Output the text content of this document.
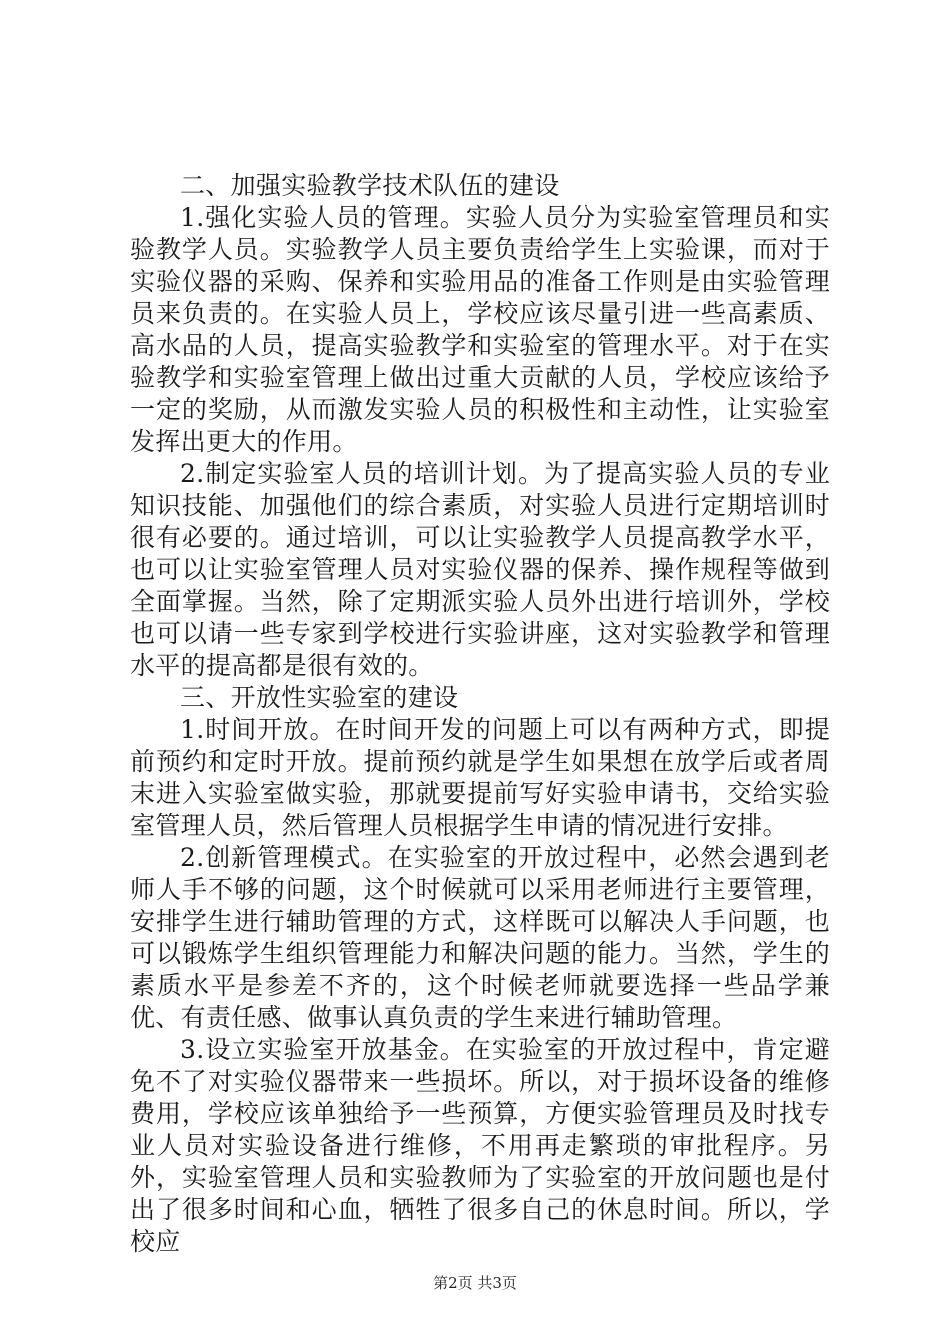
二、加强实验教学技术队伍的建设

1.强化实验人员的管理。实验人员分为实验室管理员和实验教学人员。实验教学人员主要负责给学生上实验课，而对于实验仪器的采购、保养和实验用品的准备工作则是由实验管理员来负责的。在实验人员上，学校应该尽量引进一些高素质、高水品的人员，提高实验教学和实验室的管理水平。对于在实验教学和实验室管理上做出过重大贡献的人员，学校应该给予一定的奖励，从而激发实验人员的积极性和主动性，让实验室发挥出更大的作用。

2.制定实验室人员的培训计划。为了提高实验人员的专业知识技能、加强他们的综合素质，对实验人员进行定期培训时很有必要的。通过培训，可以让实验教学人员提高教学水平，也可以让实验室管理人员对实验仪器的保养、操作规程等做到全面掌握。当然，除了定期派实验人员外出进行培训外，学校也可以请一些专家到学校进行实验讲座，这对实验教学和管理水平的提高都是很有效的。

三、开放性实验室的建设

1.时间开放。在时间开发的问题上可以有两种方式，即提前预约和定时开放。提前预约就是学生如果想在放学后或者周末进入实验室做实验，那就要提前写好实验申请书，交给实验室管理人员，然后管理人员根据学生申请的情况进行安排。

2.创新管理模式。在实验室的开放过程中，必然会遇到老师人手不够的问题，这个时候就可以采用老师进行主要管理，安排学生进行辅助管理的方式，这样既可以解决人手问题，也可以锻炼学生组织管理能力和解决问题的能力。当然，学生的素质水平是参差不齐的，这个时候老师就要选择一些品学兼优、有责任感、做事认真负责的学生来进行辅助管理。

3.设立实验室开放基金。在实验室的开放过程中，肯定避免不了对实验仪器带来一些损坏。所以，对于损坏设备的维修费用，学校应该单独给予一些预算，方便实验管理员及时找专业人员对实验设备进行维修，不用再走繁琐的审批程序。另外，实验室管理人员和实验教师为了实验室的开放问题也是付出了很多时间和心血，牺牲了很多自己的休息时间。所以，学校应

第2页 共3页
